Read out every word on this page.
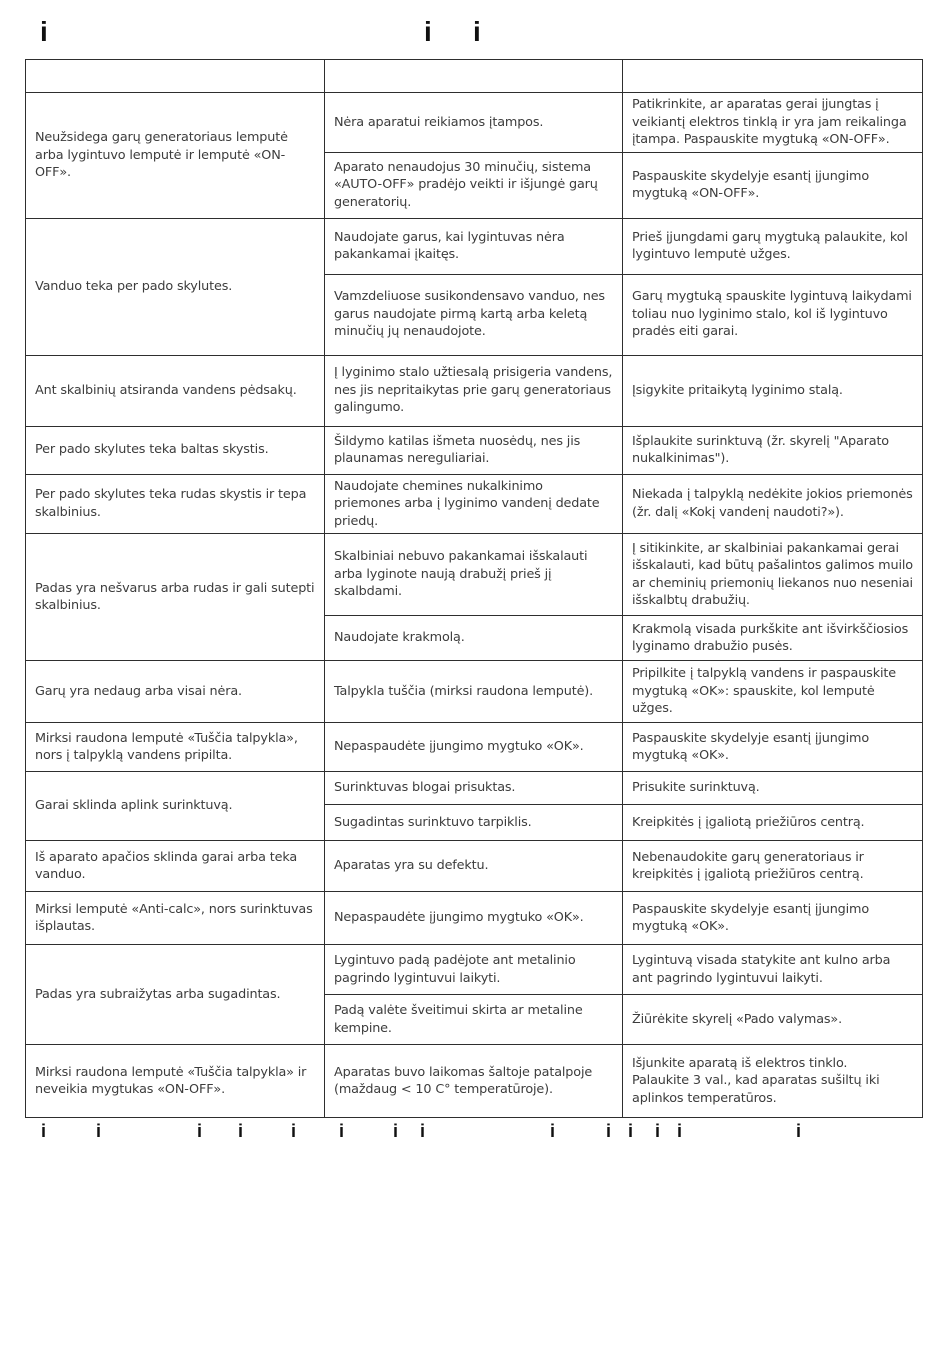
i	i i

Neužsidega garų generatoriaus lemputė arba lygintuvo lemputė ir lemputė «ON-OFF».	Nėra aparatui reikiamos įtampos.	Patikrinkite, ar aparatas gerai įjungtas į veikiantį elektros tinklą ir yra jam reikalinga įtampa. Paspauskite mygtuką «ON-OFF».
	Aparato nenaudojus 30 minučių, sistema «AUTO-OFF» pradėjo veikti ir išjungė garų generatorių.	Paspauskite skydelyje esantį įjungimo mygtuką «ON-OFF».
Vanduo teka per pado skylutes.	Naudojate garus, kai lygintuvas nėra pakankamai įkaitęs.	Prieš įjungdami garų mygtuką palaukite, kol lygintuvo lemputė užges.
	Vamzdeliuose susikondensavo vanduo, nes garus naudojate pirmą kartą arba keletą minučių jų nenaudojote.	Garų mygtuką spauskite lygintuvą laikydami toliau nuo lyginimo stalo, kol iš lygintuvo pradės eiti garai.
Ant skalbinių atsiranda vandens pėdsakų.	Į lyginimo stalo užtiesalą prisigeria vandens, nes jis nepritaikytas prie garų generatoriaus galingumo.	Įsigykite pritaikytą lyginimo stalą.
Per pado skylutes teka baltas skystis.	Šildymo katilas išmeta nuosėdų, nes jis plaunamas nereguliariai.	Išplaukite surinktuvą (žr. skyrelį "Aparato nukalkinimas").
Per pado skylutes teka rudas skystis ir tepa skalbinius.	Naudojate chemines nukalkinimo priemones arba į lyginimo vandenį dedate priedų.	Niekada į talpyklą nedėkite jokios priemonės (žr. dalį «Kokį vandenį naudoti?»).
Padas yra nešvarus arba rudas ir gali sutepti skalbinius.	Skalbiniai nebuvo pakankamai išskalauti arba lyginote naują drabužį prieš jį skalbdami.	Į sitikinkite, ar skalbiniai pakankamai gerai išskalauti, kad būtų pašalintos galimos muilo ar cheminių priemonių liekanos nuo neseniai išskalbtų drabužių.
	Naudojate krakmolą.	Krakmolą visada purkškite ant išvirkščiosios lyginamo drabužio pusės.
Garų yra nedaug arba visai nėra.	Talpykla tuščia (mirksi raudona lemputė).	Pripilkite į talpyklą vandens ir paspauskite mygtuką «OK»: spauskite, kol lemputė užges.
Mirksi raudona lemputė «Tuščia talpykla», nors į talpyklą vandens pripilta.	Nepaspaudėte įjungimo mygtuko «OK».	Paspauskite skydelyje esantį įjungimo mygtuką «OK».
Garai sklinda aplink surinktuvą.	Surinktuvas blogai prisuktas.	Prisukite surinktuvą.
	Sugadintas surinktuvo tarpiklis.	Kreipkitės į įgaliotą priežiūros centrą.
Iš aparato apačios sklinda garai arba teka vanduo.	Aparatas yra su defektu.	Nebenaudokite garų generatoriaus ir kreipkitės į įgaliotą priežiūros centrą.
Mirksi lemputė «Anti-calc», nors surinktuvas išplautas.	Nepaspaudėte įjungimo mygtuko «OK».	Paspauskite skydelyje esantį įjungimo mygtuką «OK».
Padas yra subraižytas arba sugadintas.	Lygintuvo padą padėjote ant metalinio pagrindo lygintuvui laikyti.	Lygintuvą visada statykite ant kulno arba ant pagrindo lygintuvui laikyti.
	Padą valėte šveitimui skirta ar metaline kempine.	Žiūrėkite skyrelį «Pado valymas».
Mirksi raudona lemputė «Tuščia talpykla» ir neveikia mygtukas «ON-OFF».	Aparatas buvo laikomas šaltoje patalpoje (maždaug < 10 C° temperatūroje).	Išjunkite aparatą iš elektros tinklo.
Palaukite 3 val., kad aparatas sušiltų iki aplinkos temperatūros.
i	i	i i	i i	i i	i	i i i i	i
